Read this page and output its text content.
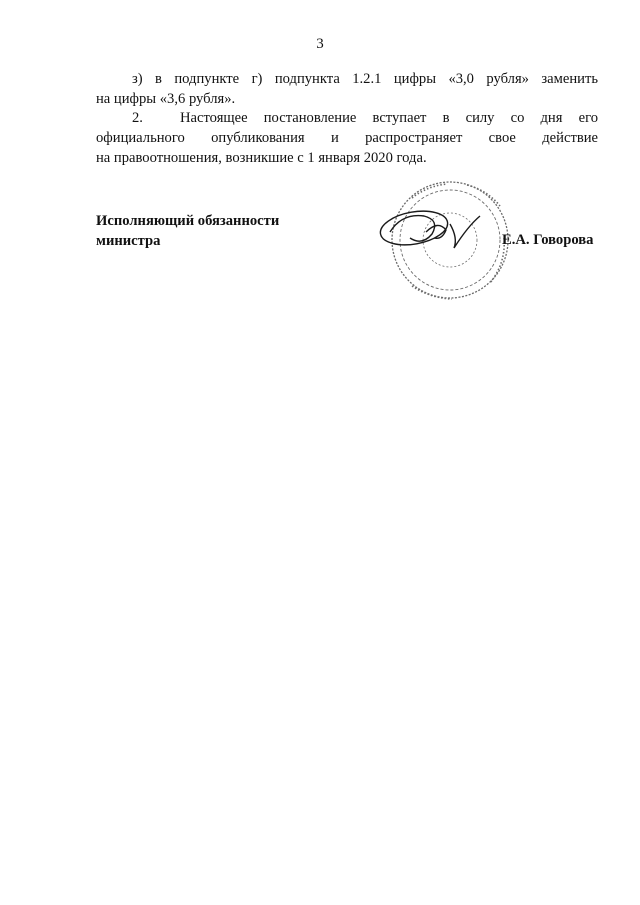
3
з) в подпункте г) подпункта 1.2.1 цифры «3,0 рубля» заменить
на цифры «3,6 рубля».
2.	Настоящее постановление вступает в силу со дня его
официального опубликования и распространяет свое действие
на правоотношения, возникшие с 1 января 2020 года.
Исполняющий обязанности
министра	Е.А. Говорова
